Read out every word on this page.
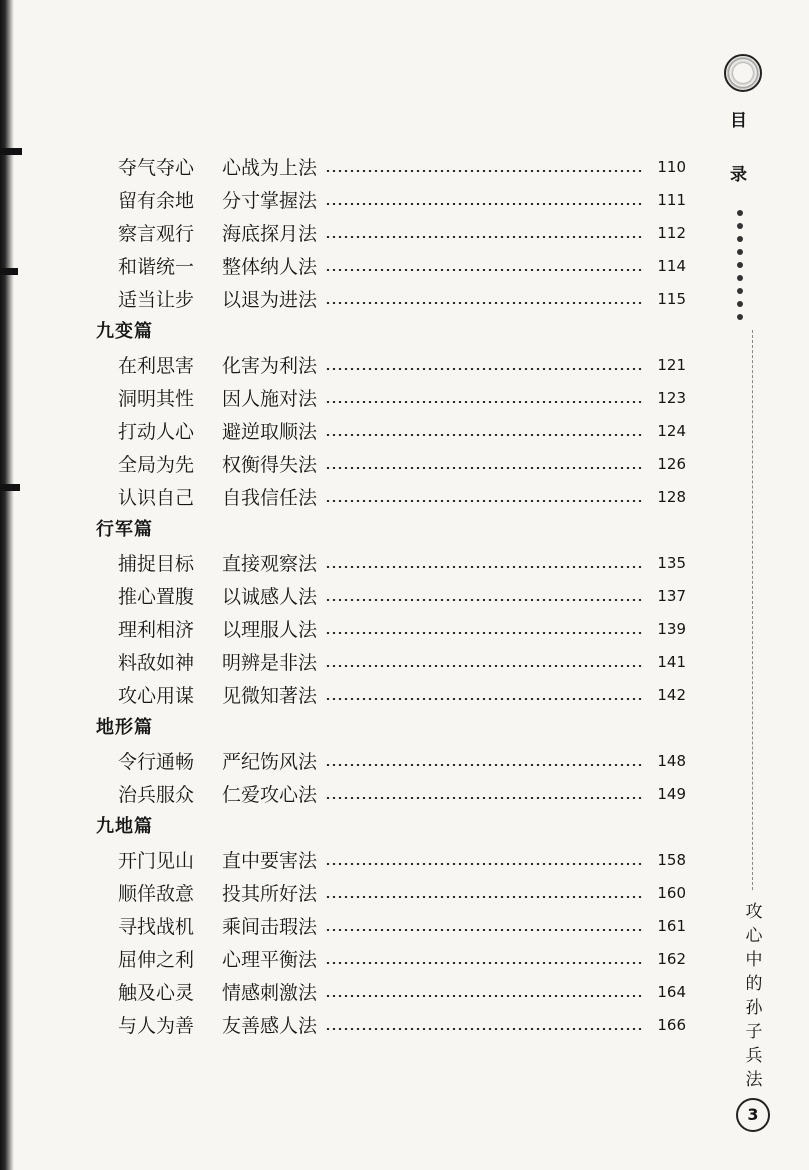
夺气夺心	心战为上法	110
留有余地	分寸掌握法	111
察言观行	海底探月法	112
和谐统一	整体纳人法	114
适当让步	以退为进法	115
九变篇
在利思害	化害为利法	121
洞明其性	因人施对法	123
打动人心	避逆取顺法	124
全局为先	权衡得失法	126
认识自己	自我信任法	128
行军篇
捕捉目标	直接观察法	135
推心置腹	以诚感人法	137
理利相济	以理服人法	139
料敌如神	明辨是非法	141
攻心用谋	见微知著法	142
地形篇
令行通畅	严纪饬风法	148
治兵服众	仁爱攻心法	149
九地篇
开门见山	直中要害法	158
顺佯敌意	投其所好法	160
寻找战机	乘间击瑕法	161
屈伸之利	心理平衡法	162
触及心灵	情感刺激法	164
与人为善	友善感人法	166
目
录
攻
心
中
的
孙
子
兵
法
3
